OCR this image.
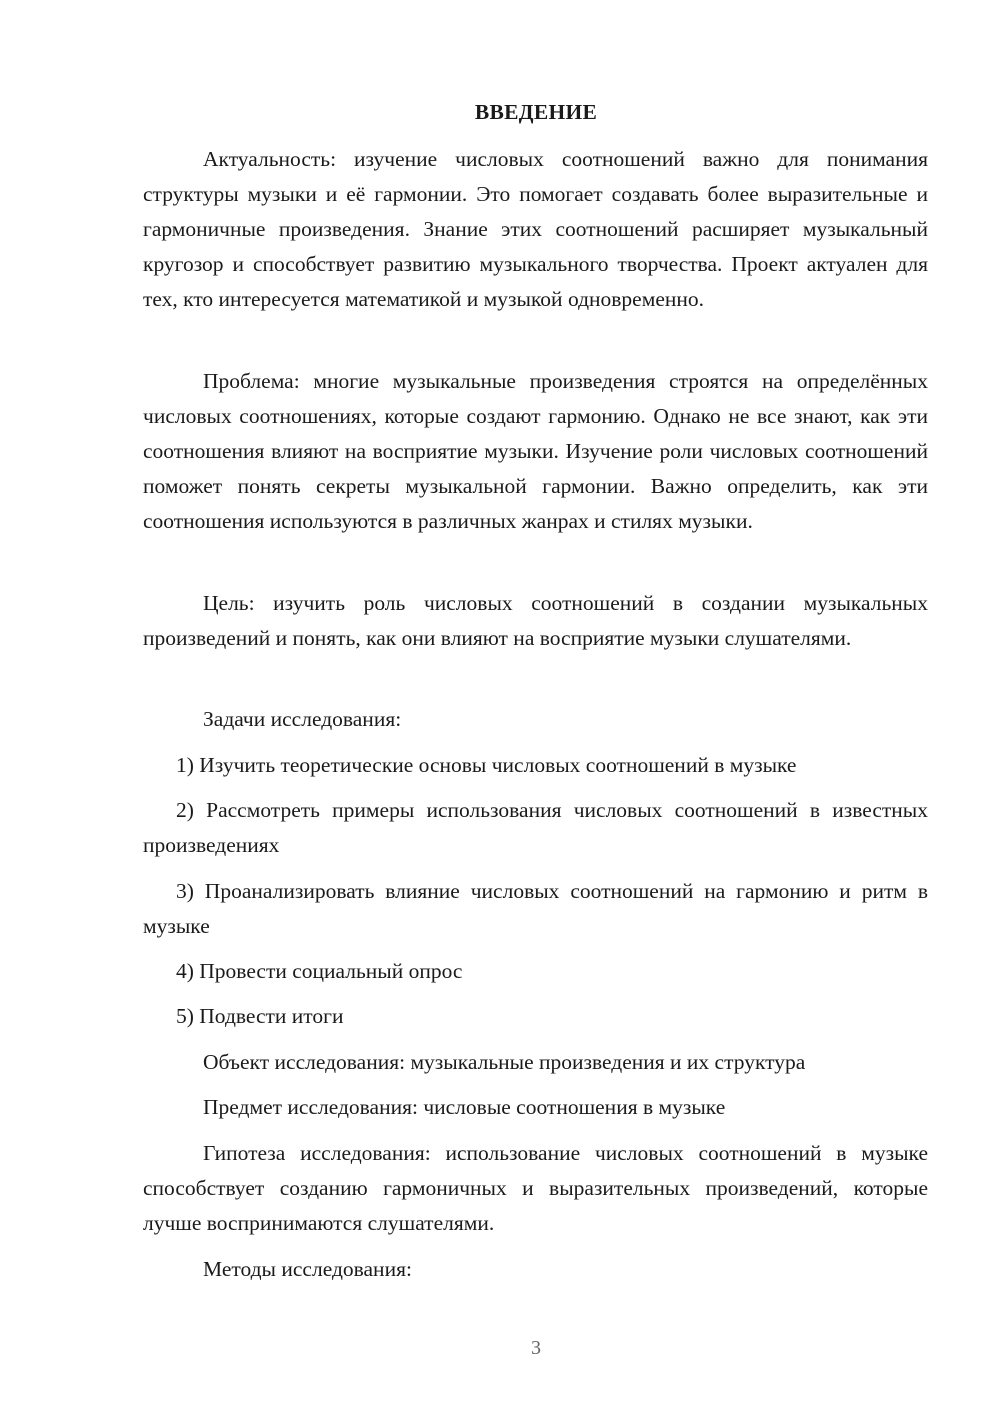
ВВЕДЕНИЕ

Актуальность: изучение числовых соотношений важно для понимания структуры музыки и её гармонии. Это помогает создавать более выразительные и гармоничные произведения. Знание этих соотношений расширяет музыкальный кругозор и способствует развитию музыкального творчества. Проект актуален для тех, кто интересуется математикой и музыкой одновременно.

Проблема: многие музыкальные произведения строятся на определённых числовых соотношениях, которые создают гармонию. Однако не все знают, как эти соотношения влияют на восприятие музыки. Изучение роли числовых соотношений поможет понять секреты музыкальной гармонии. Важно определить, как эти соотношения используются в различных жанрах и стилях музыки.

Цель: изучить роль числовых соотношений в создании музыкальных произведений и понять, как они влияют на восприятие музыки слушателями.

Задачи исследования:

1) Изучить теоретические основы числовых соотношений в музыке

2) Рассмотреть примеры использования числовых соотношений в известных произведениях

3) Проанализировать влияние числовых соотношений на гармонию и ритм в музыке

4) Провести социальный опрос

5) Подвести итоги

Объект исследования: музыкальные произведения и их структура

Предмет исследования: числовые соотношения в музыке

Гипотеза исследования: использование числовых соотношений в музыке способствует созданию гармоничных и выразительных произведений, которые лучше воспринимаются слушателями.

Методы исследования:

3
